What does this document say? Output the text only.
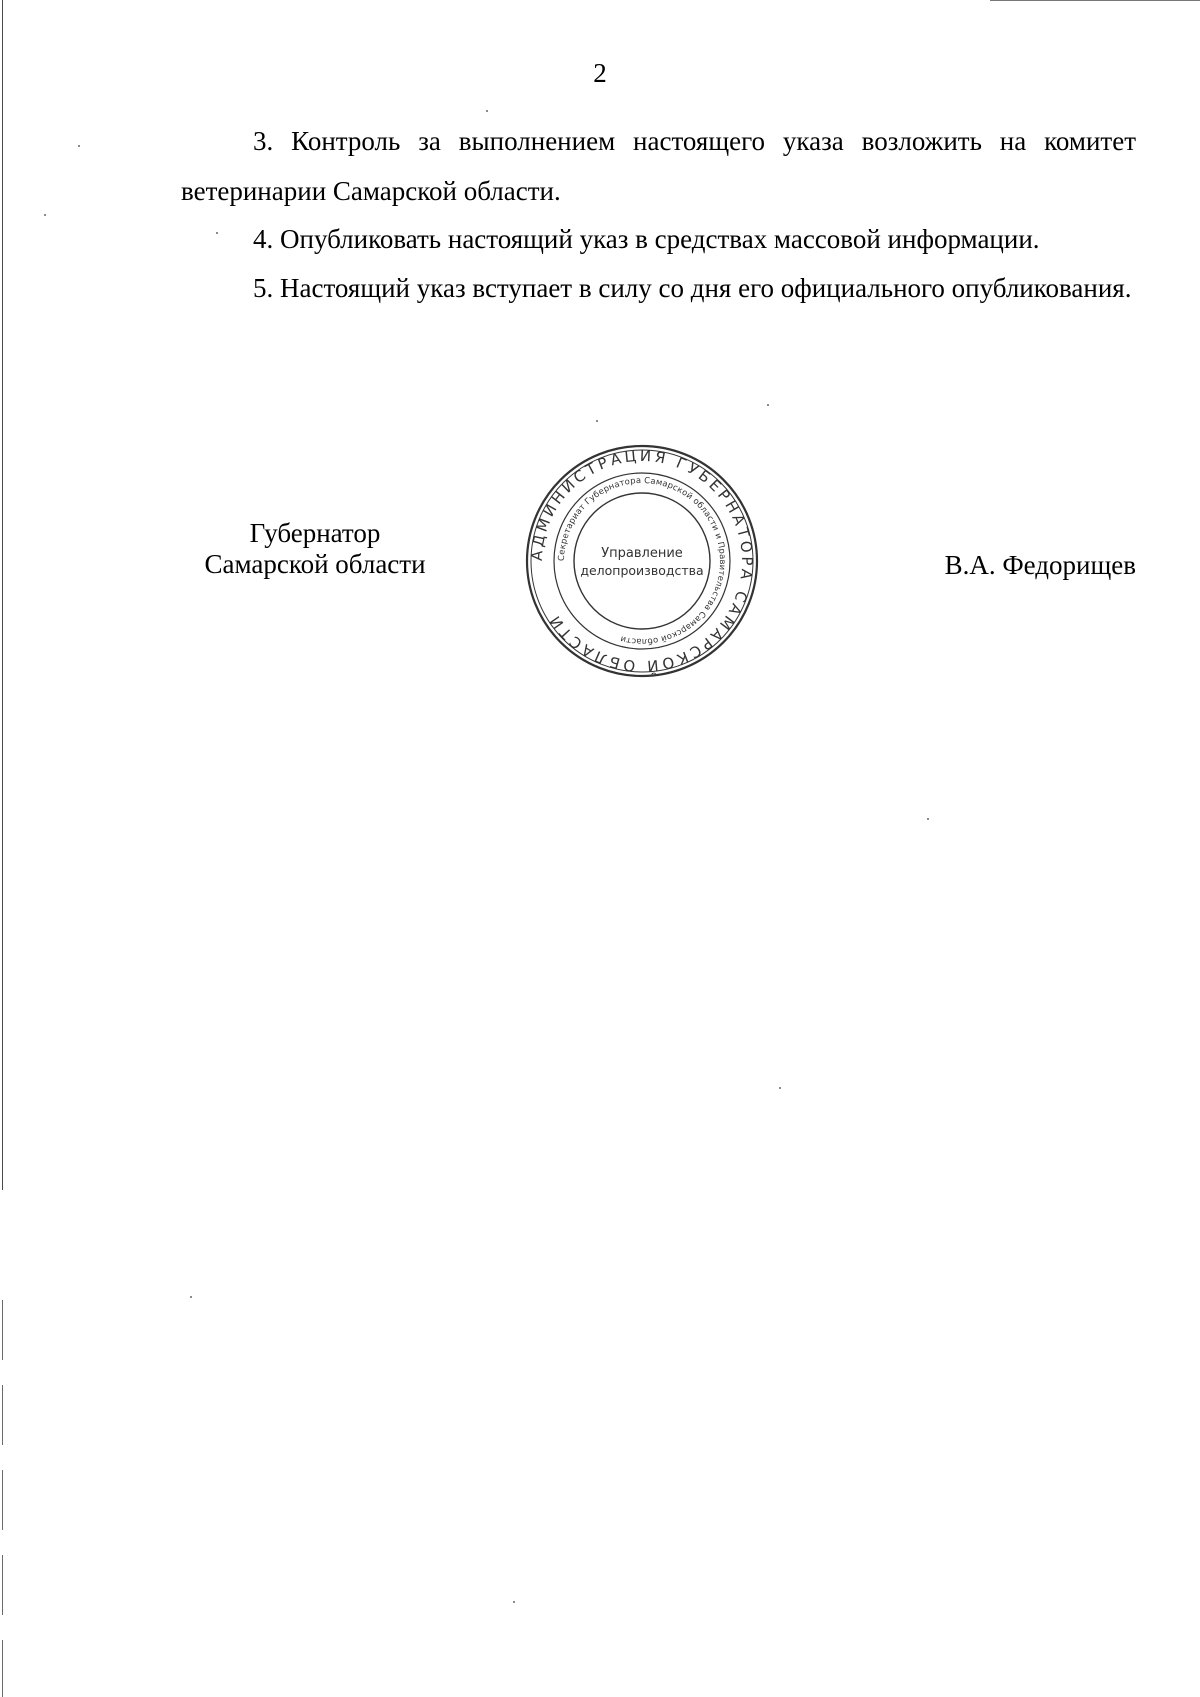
2

3. Контроль за выполнением настоящего указа возложить на комитет ветеринарии Самарской области.

4. Опубликовать настоящий указ в средствах массовой информации.

5. Настоящий указ вступает в силу со дня его официального опубликования.

Губернатор
Самарской области	АДМИНИСТРАЦИЯ ГУБЕРНАТОРА САМАРСКОЙ ОБЛАСТИ
Секретариат Губернатора Самарской области и Правительства Самарской области
Управление
делопроизводства	В.А. Федорищев
